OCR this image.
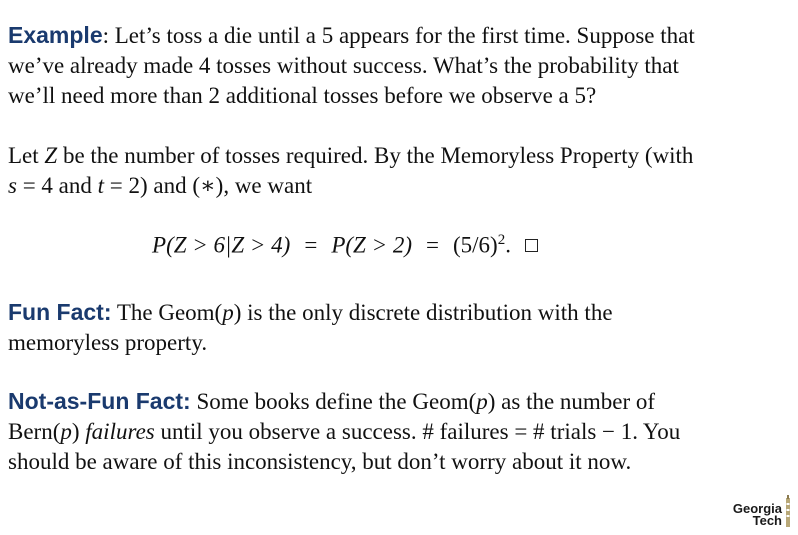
Example: Let’s toss a die until a 5 appears for the first time. Suppose that
we’ve already made 4 tosses without success. What’s the probability that
we’ll need more than 2 additional tosses before we observe a 5?

Let Z be the number of tosses required. By the Memoryless Property (with
s = 4 and t = 2) and (∗), we want

$P(Z > 6|Z > 4) = P(Z > 2) = (5/6)^2$.

Fun Fact: The Geom(p) is the only discrete distribution with the
memoryless property.

Not-as-Fun Fact: Some books define the Geom(p) as the number of
Bern(p) failures until you observe a success. # failures = # trials − 1. You
should be aware of this inconsistency, but don’t worry about it now.

Georgia
Tech
